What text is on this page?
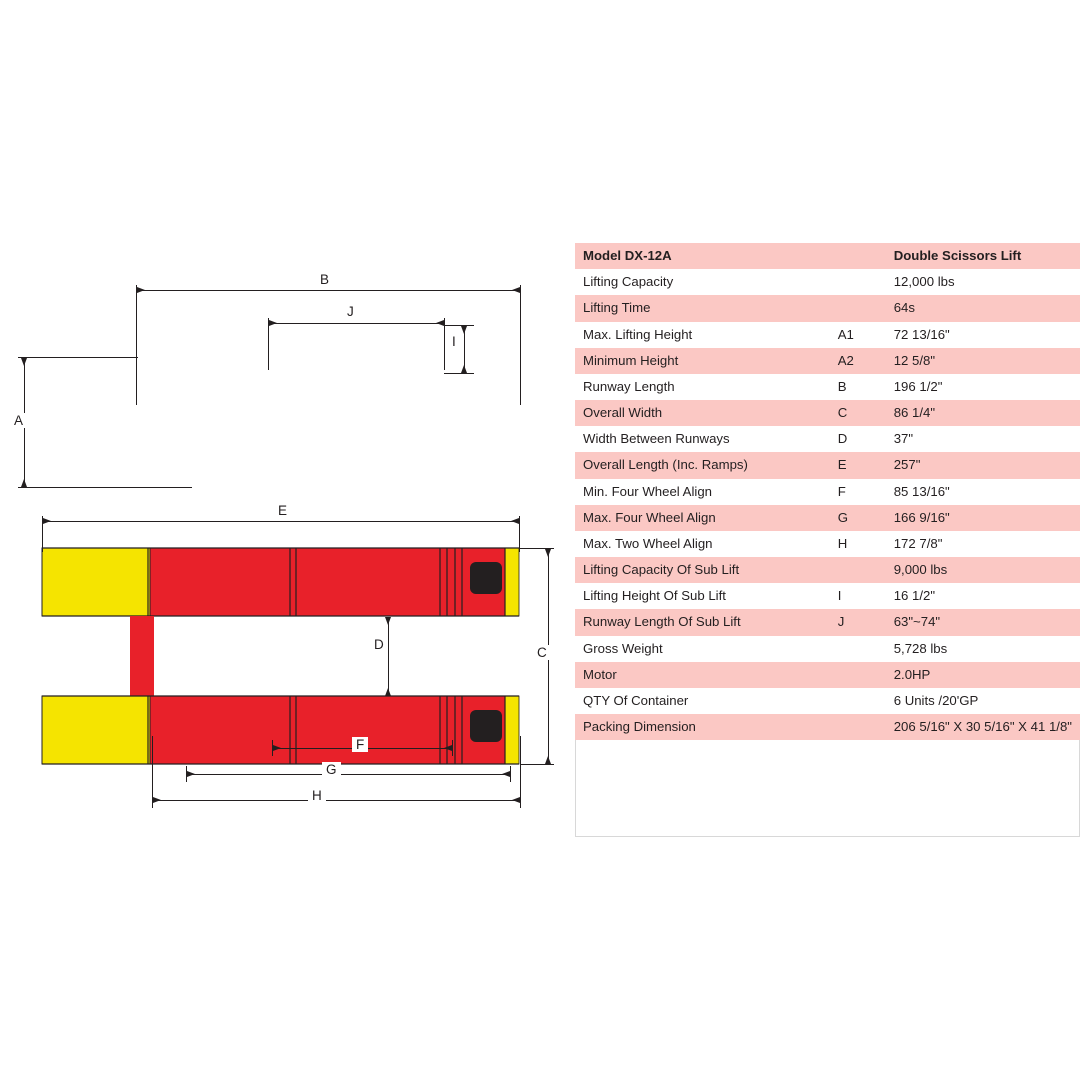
B
J
I
A
E
C
D
F
G
H
Model DX-12A		Double Scissors Lift
Lifting Capacity		12,000 lbs
Lifting Time		64s
Max. Lifting Height	A1	72 13/16"
Minimum Height	A2	12 5/8"
Runway Length	B	196 1/2"
Overall Width	C	86 1/4"
Width Between Runways	D	37"
Overall Length (Inc. Ramps)	E	257"
Min. Four Wheel Align	F	85 13/16"
Max. Four Wheel Align	G	166 9/16"
Max. Two Wheel Align	H	172 7/8"
Lifting Capacity Of Sub Lift		9,000 lbs
Lifting Height Of Sub Lift	I	16 1/2"
Runway Length Of Sub Lift	J	63"~74"
Gross Weight		5,728 lbs
Motor		2.0HP
QTY Of Container		6 Units /20'GP
Packing Dimension		206 5/16" X 30 5/16" X 41 1/8"
